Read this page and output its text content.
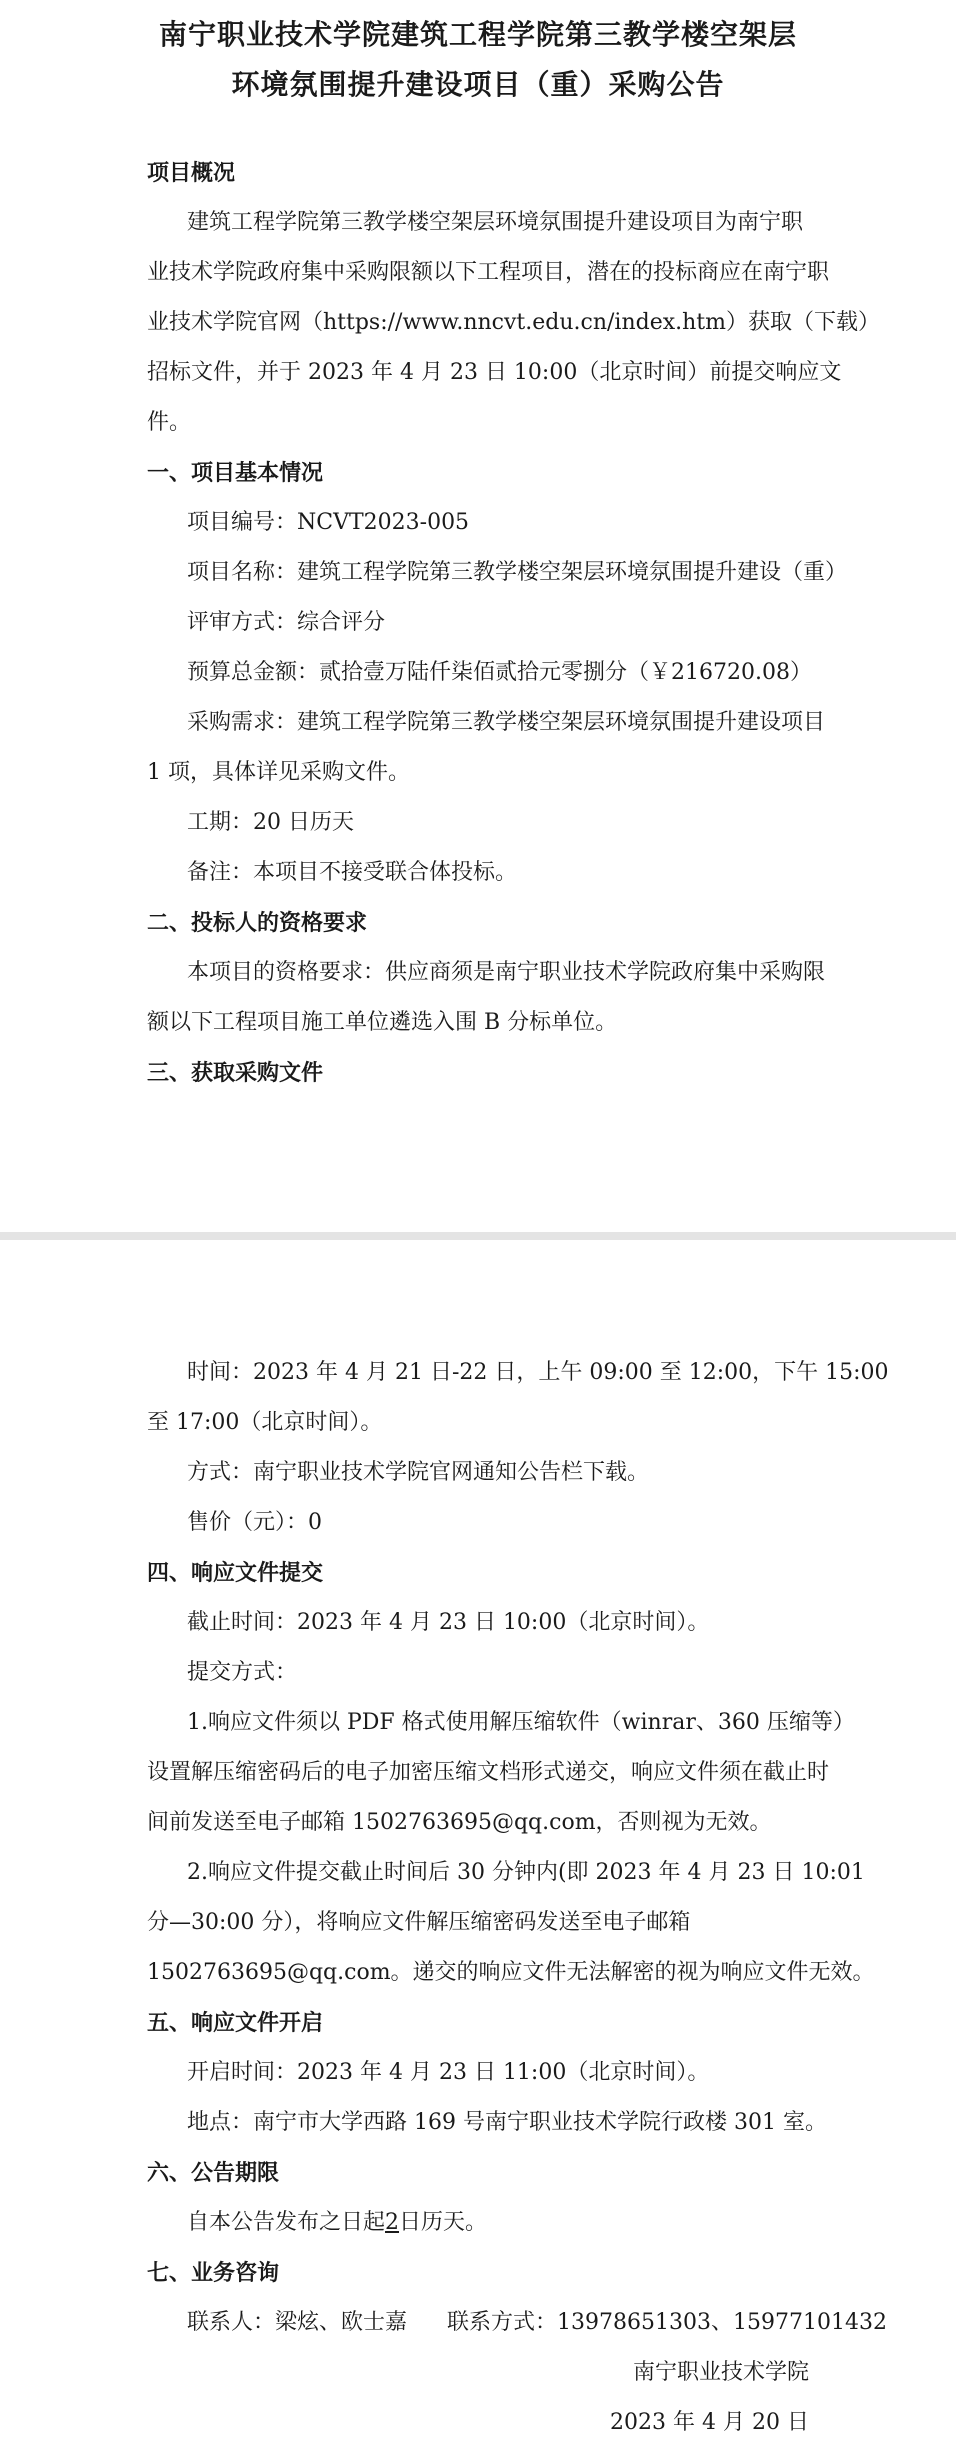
南宁职业技术学院建筑工程学院第三教学楼空架层
环境氛围提升建设项目（重）采购公告
项目概况
建筑工程学院第三教学楼空架层环境氛围提升建设项目为南宁职
业技术学院政府集中采购限额以下工程项目，潜在的投标商应在南宁职
业技术学院官网（https://www.nncvt.edu.cn/index.htm）获取（下载）
招标文件，并于 2023 年 4 月 23 日 10:00（北京时间）前提交响应文
件。
一、项目基本情况
项目编号：NCVT2023-005
项目名称：建筑工程学院第三教学楼空架层环境氛围提升建设（重）
评审方式：综合评分
预算总金额：贰拾壹万陆仟柒佰贰拾元零捌分（￥216720.08）
采购需求：建筑工程学院第三教学楼空架层环境氛围提升建设项目
1 项，具体详见采购文件。
工期：20 日历天
备注：本项目不接受联合体投标。
二、投标人的资格要求
本项目的资格要求：供应商须是南宁职业技术学院政府集中采购限
额以下工程项目施工单位遴选入围 B 分标单位。
三、获取采购文件
时间：2023 年 4 月 21 日-22 日，上午 09:00 至 12:00，下午 15:00
至 17:00（北京时间）。
方式：南宁职业技术学院官网通知公告栏下载。
售价（元）：0
四、响应文件提交
截止时间：2023 年 4 月 23 日 10:00（北京时间）。
提交方式：
1.响应文件须以 PDF 格式使用解压缩软件（winrar、360 压缩等）
设置解压缩密码后的电子加密压缩文档形式递交，响应文件须在截止时
间前发送至电子邮箱 1502763695@qq.com，否则视为无效。
2.响应文件提交截止时间后 30 分钟内(即 2023 年 4 月 23 日 10:01
分—30:00 分），将响应文件解压缩密码发送至电子邮箱
1502763695@qq.com。递交的响应文件无法解密的视为响应文件无效。
五、响应文件开启
开启时间：2023 年 4 月 23 日 11:00（北京时间）。
地点：南宁市大学西路 169 号南宁职业技术学院行政楼 301 室。
六、公告期限
自本公告发布之日起2日历天。
七、业务咨询
联系人：梁炫、欧士嘉	联系方式：13978651303、15977101432
南宁职业技术学院
2023 年 4 月 20 日
